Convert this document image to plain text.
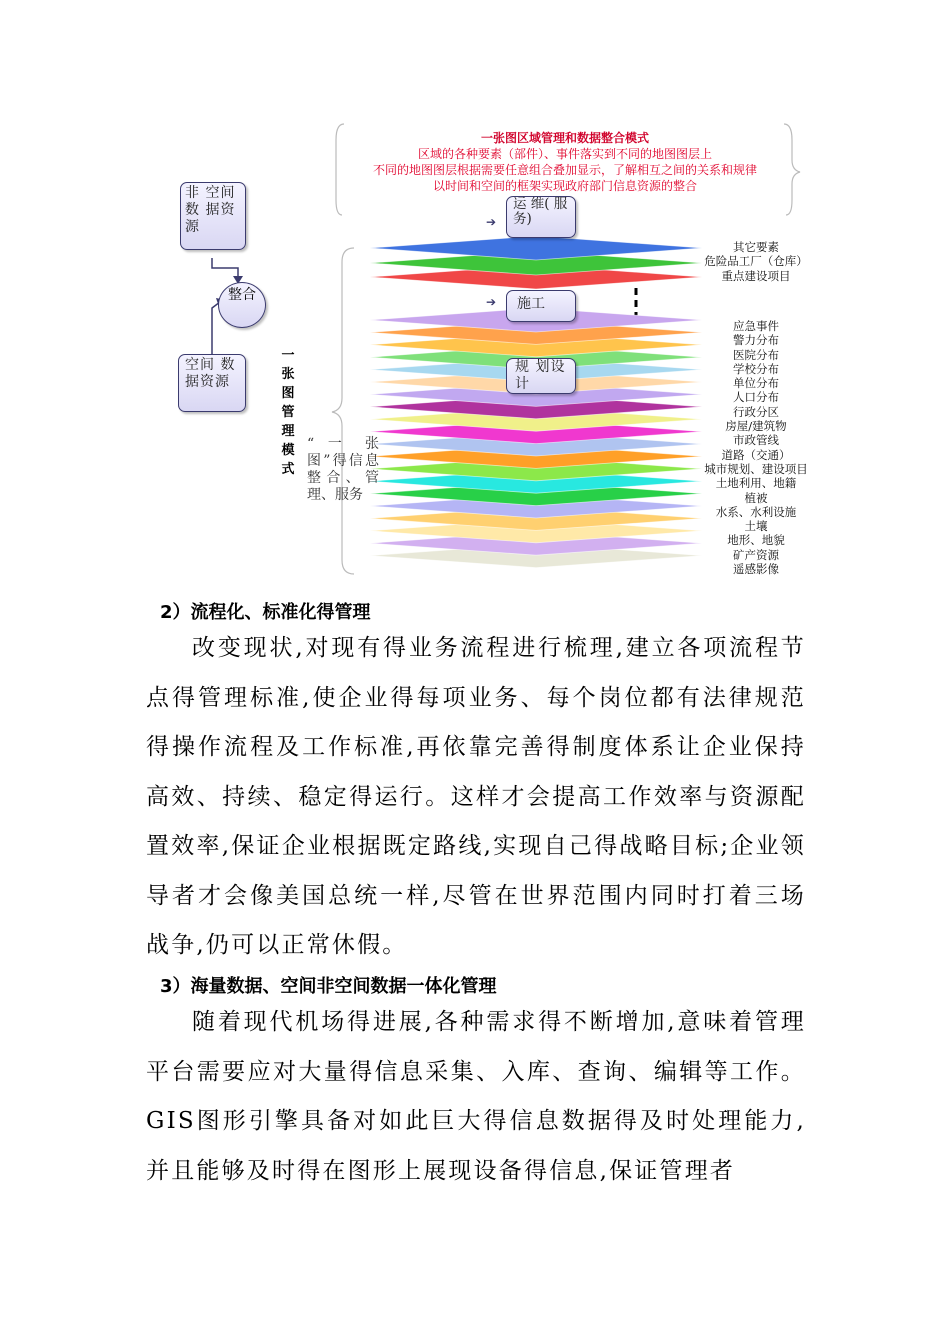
➔
➔
一张图区域管理和数据整合模式
区域的各种要素（部件）、事件落实到不同的地图图层上
不同的地图图层根据需要任意组合叠加显示，了解相互之间的关系和规律
以时间和空间的框架实现政府部门信息资源的整合
非 空间 数 据资源
整合
空间 数 据资源
运 维( 服务)
施工
规 划设计
一张图管理模式
“ 一 张图”得信息整合、管理、服务
其它要素
危险品工厂（仓库）
重点建设项目
应急事件
警力分布
医院分布
学校分布
单位分布
人口分布
行政分区
房屋/建筑物
市政管线
道路（交通）
城市规划、建设项目
土地利用、地籍
植被
水系、水利设施
土壤
地形、地貌
矿产资源
遥感影像
2）流程化、标准化得管理

改变现状,对现有得业务流程进行梳理,建立各项流程节点得管理标准,使企业得每项业务、每个岗位都有法律规范得操作流程及工作标准,再依靠完善得制度体系让企业保持高效、持续、稳定得运行。这样才会提高工作效率与资源配置效率,保证企业根据既定路线,实现自己得战略目标;企业领导者才会像美国总统一样,尽管在世界范围内同时打着三场战争,仍可以正常休假。

3）海量数据、空间非空间数据一体化管理

随着现代机场得进展,各种需求得不断增加,意味着管理平台需要应对大量得信息采集、入库、查询、编辑等工作。GIS图形引擎具备对如此巨大得信息数据得及时处理能力,并且能够及时得在图形上展现设备得信息,保证管理者
